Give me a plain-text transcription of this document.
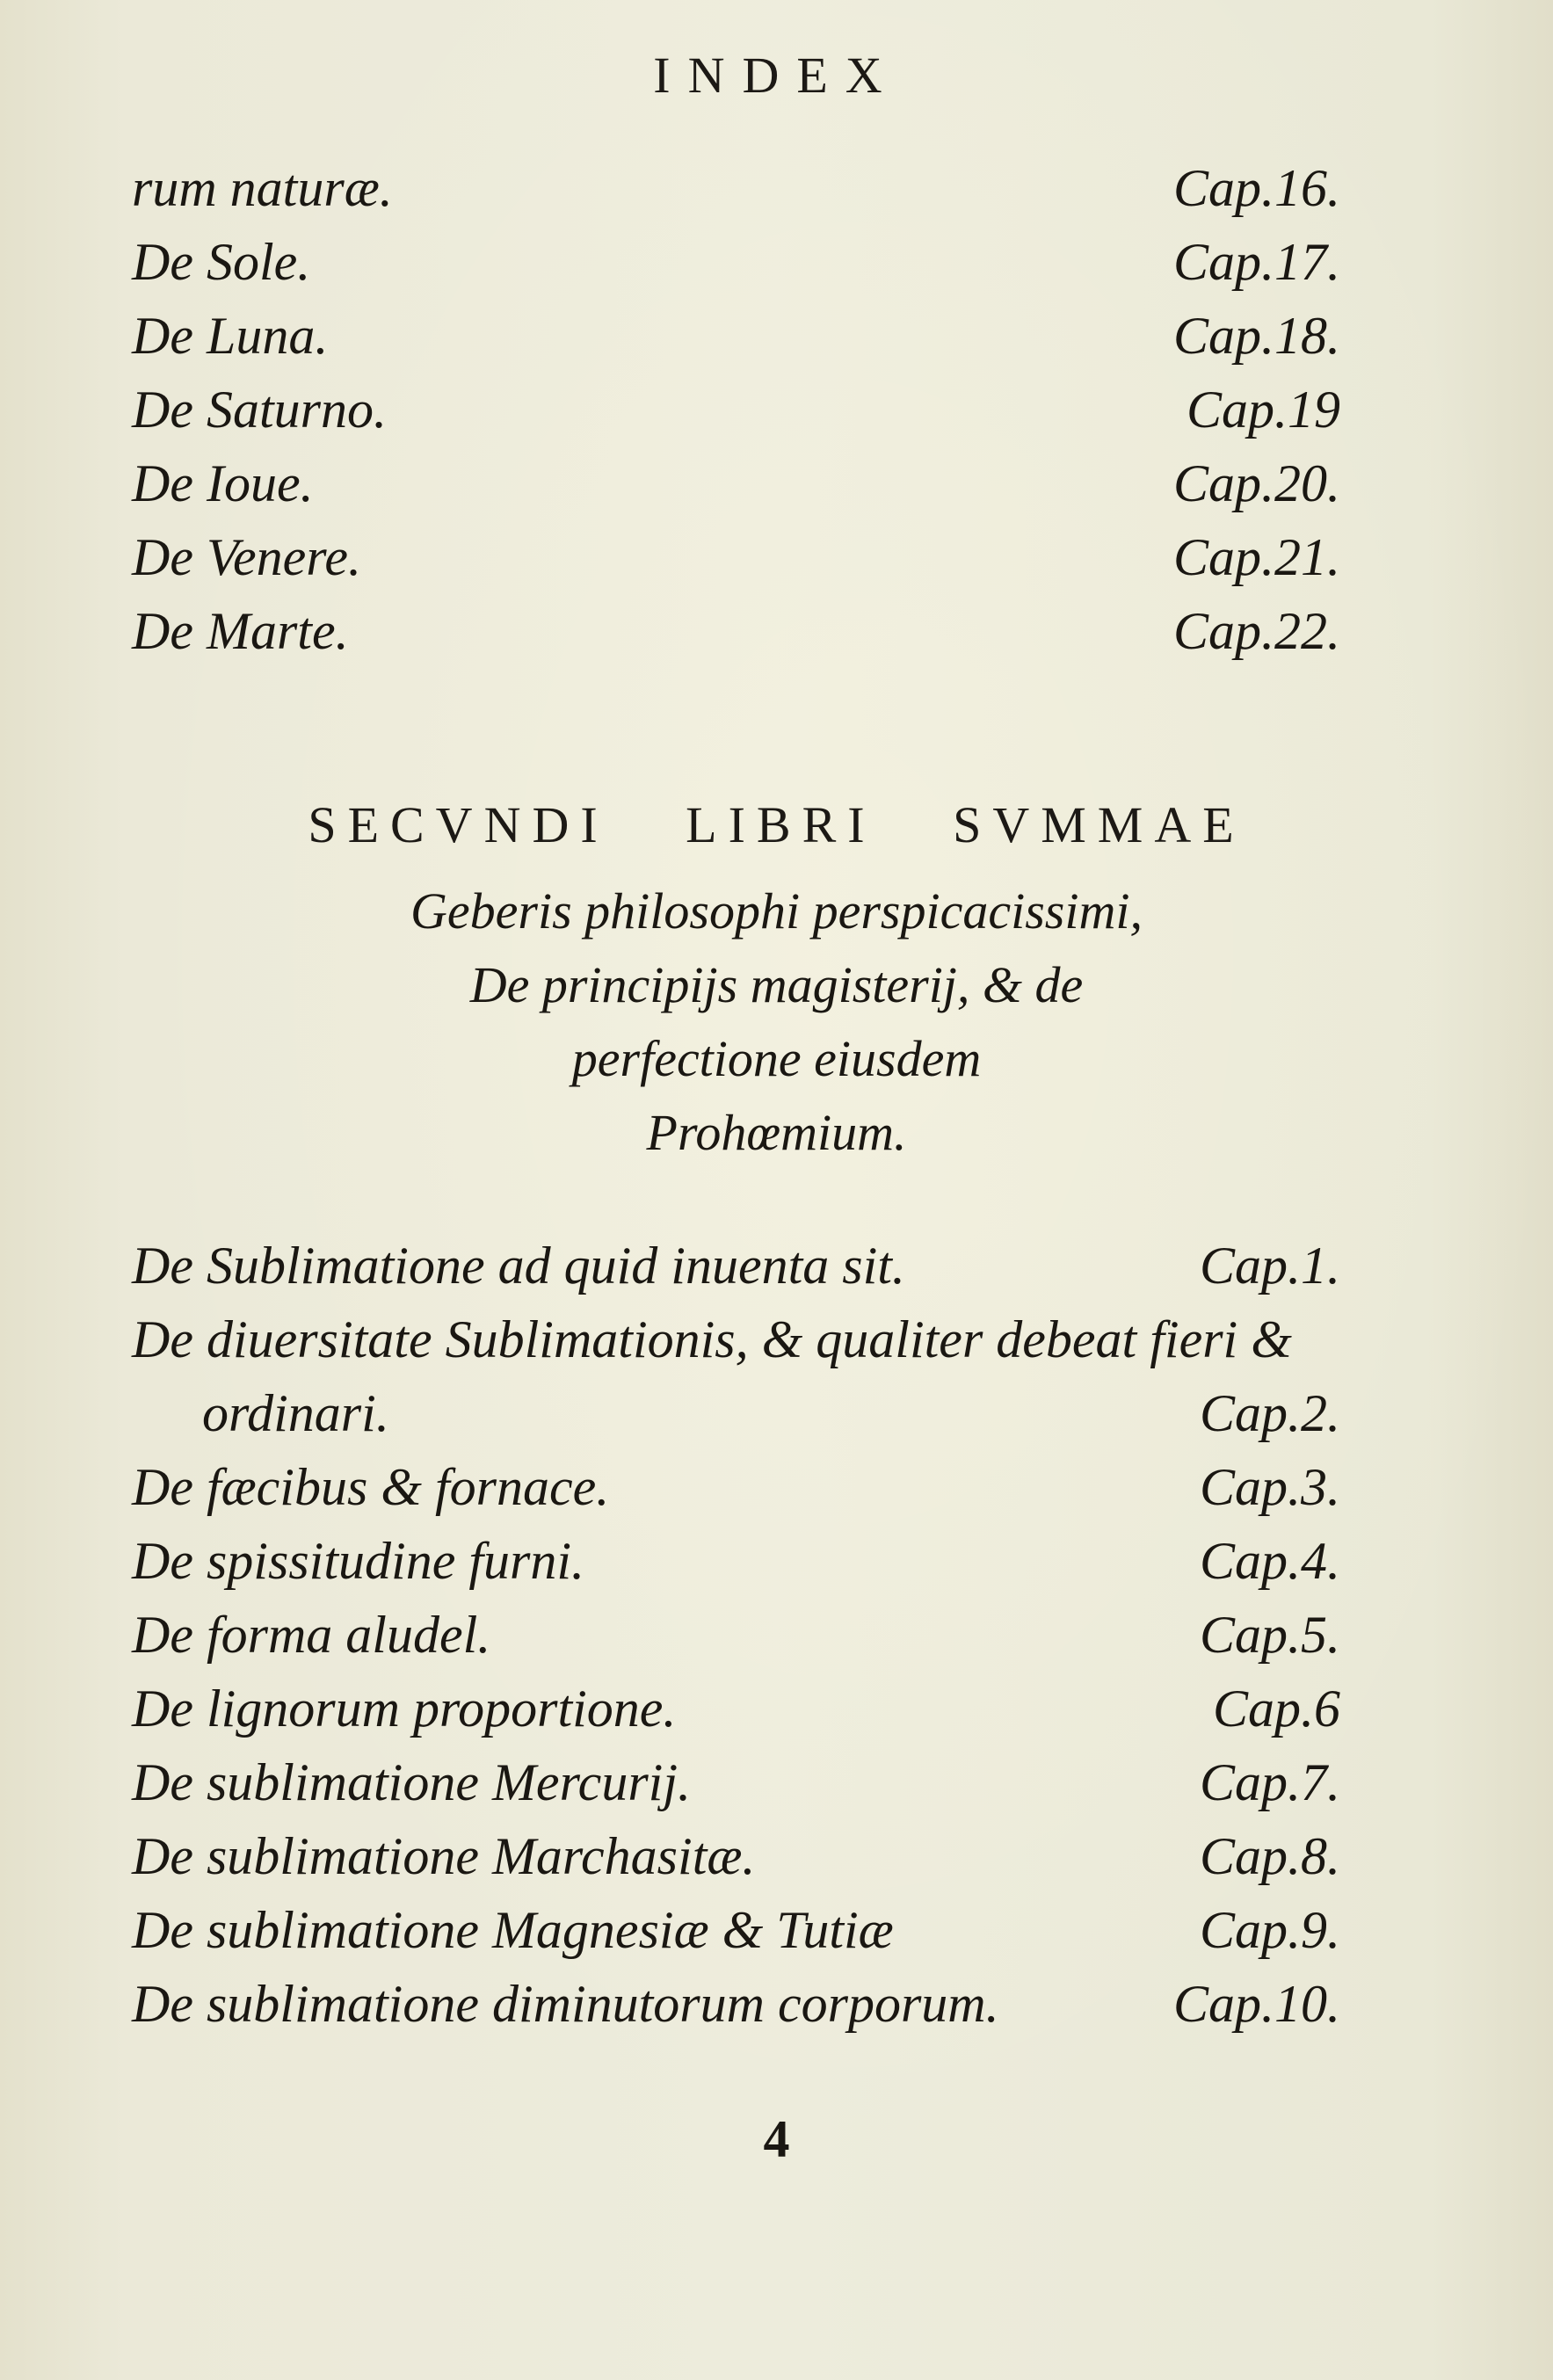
INDEX
rum naturæ.	Cap.16.
De Sole.	Cap.17.
De Luna.	Cap.18.
De Saturno.	Cap.19
De Ioue.	Cap.20.
De Venere.	Cap.21.
De Marte.	Cap.22.
SECVNDI LIBRI SVMMAE
Geberis philosophi perspicacissimi,
De principijs magisterij, & de
perfectione eiusdem
Prohœmium.
De Sublimatione ad quid inuenta sit.	Cap.1.
De diuersitate Sublimationis, & qualiter debeat fieri &
ordinari.	Cap.2.
De fæcibus & fornace.	Cap.3.
De spissitudine furni.	Cap.4.
De forma aludel.	Cap.5.
De lignorum proportione.	Cap.6
De sublimatione Mercurij.	Cap.7.
De sublimatione Marchasitæ.	Cap.8.
De sublimatione Magnesiæ & Tutiæ	Cap.9.
De sublimatione diminutorum corporum.	Cap.10.
4
